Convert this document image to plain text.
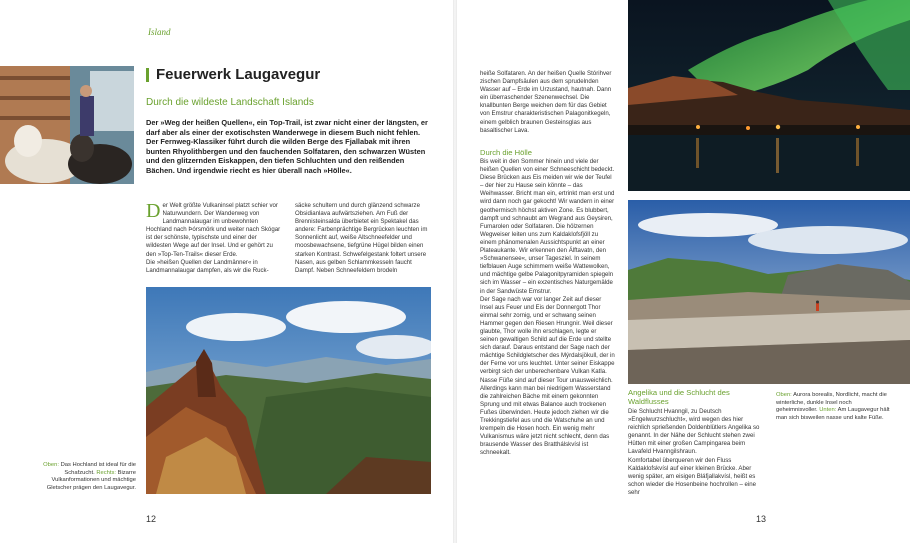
Island
Feuerwerk Laugavegur
Durch die wildeste Landschaft Islands
Der »Weg der heißen Quellen«, ein Top-Trail, ist zwar nicht einer der längsten, er darf aber als einer der exotischsten Wanderwege in diesem Buch nicht fehlen. Der Fernweg-Klassiker führt durch die wilden Berge des Fjallabak mit ihren bunten Rhyolithbergen und den fauchenden Solfataren, den schwarzen Wüsten und den glitzernden Eiskappen, den tiefen Schluchten und den reißenden Bächen. Und irgendwie riecht es hier überall nach »Hölle«.
Der Welt größte Vulkaninsel platzt schier vor Naturwundern. Der Wanderweg von Landmannalaugar im unbewohnten Hochland nach Þórsmörk und weiter nach Skógar ist der schönste, typischste und einer der wildesten Wege auf der Insel. Und er gehört zu den »Top-Ten-Trails« dieser Erde.
Die »heißen Quellen der Landmänner« in Landmannalaugar dampfen, als wir die Ruck-
säcke schultern und durch glänzend schwarze Obsidianlava aufwärtsziehen. Am Fuß der Brennisteinsalda überbietet ein Spektakel das andere: Farbenprächtige Bergrücken leuchten im Sonnenlicht auf, weiße Altschneefelder und moosbewachsene, tiefgrüne Hügel bilden einen starken Kontrast. Schwefelgestank foltert unsere Nasen, aus gelben Schlammkesseln faucht Dampf. Neben Schneefeldern brodeln
Oben: Das Hochland ist ideal für die Schafzucht. Rechts: Bizarre Vulkanformationen und mächtige Gletscher prägen den Laugavegur.
12
heiße Solfataren. An der heißen Quelle Stórihver zischen Dampfsäulen aus dem sprudelnden Wasser auf – Erde im Urzustand, hautnah. Dann ein überraschender Szenenwechsel. Die knallbunten Berge weichen dem für das Gebiet von Emstrur charakteristischen Palagonitkegeln, einem gelblich braunen Gesteinsglas aus basaltischer Lava.
Durch die Hölle
Bis weit in den Sommer hinein und viele der heißen Quellen von einer Schneeschicht bedeckt. Diese Brücken aus Eis meiden wir wie der Teufel – der hier zu Hause sein könnte – das Weihwasser. Bricht man ein, ertrinkt man erst und wird dann noch gar gekocht! Wir wandern in einer geothermisch höchst aktiven Zone. Es blubbert, dampft und schnaubt am Wegrand aus Geysiren, Fumarolen oder Solfataren. Die hölzernen Wegweiser leiten uns zum Kaldaklofsfjöll zu einem phänomenalen Aussichtspunkt an einer Plateaukante. Wir erkennen den Álftavatn, den »Schwanensee«, unser Tagesziel. In seinem tiefblauen Auge schimmern weiße Wattewolken, und mächtige gelbe Palagonitpyramiden spiegeln sich im Wasser – ein exzentisches Naturgemälde in der Sandwüste Emstrur.
Der Sage nach war vor langer Zeit auf dieser Insel aus Feuer und Eis der Donnergott Thor einmal sehr zornig, und er schwang seinen Hammer gegen den Riesen Hrungnir. Weil dieser glaubte, Thor wolle ihn erschlagen, legte er seinen gewaltigen Schild auf die Erde und stellte sich darauf. Daraus entstand der Sage nach der mächtige Schildgletscher des Mýrdalsjökull, der in der Ferne vor uns leuchtet. Unter seiner Eiskappe verbirgt sich der unberechenbare Vulkan Katla.
Nasse Füße sind auf dieser Tour unausweichlich. Allerdings kann man bei niedrigem Wasserstand die zahlreichen Bäche mit einem gekonnten Sprung und mit etwas Balance auch trockenen Fußes überwinden. Heute jedoch ziehen wir die Trekkingstiefel aus und die Watschuhe an und krempeln die Hosen hoch. Ein wenig mehr Vulkanismus wäre jetzt nicht schlecht, denn das brausende Wasser des Bratthálskvísl ist schneekalt.
Angelika und die Schlucht des Waldflusses
Die Schlucht Hvanngil, zu Deutsch »Engelwurzschlucht«, wird wegen des hier reichlich sprießenden Doldenblütlers Angelika so genannt. In der Nähe der Schlucht stehen zwei Hütten mit einer großen Campingarea beim Lavafeld Hvanngilshraun.
Komfortabel überqueren wir den Fluss Kaldaklofskvísl auf einer kleinen Brücke. Aber wenig später, am eisigen Bláfjallakvísl, heißt es schon wieder die Hosenbeine hochrollen – eine sehr
Oben: Aurora borealis, Nordlicht, macht die winterliche, dunkle Insel noch geheimnisvoller. Unten: Am Laugavegur hält man sich bisweilen nasse und kalte Füße.
13
